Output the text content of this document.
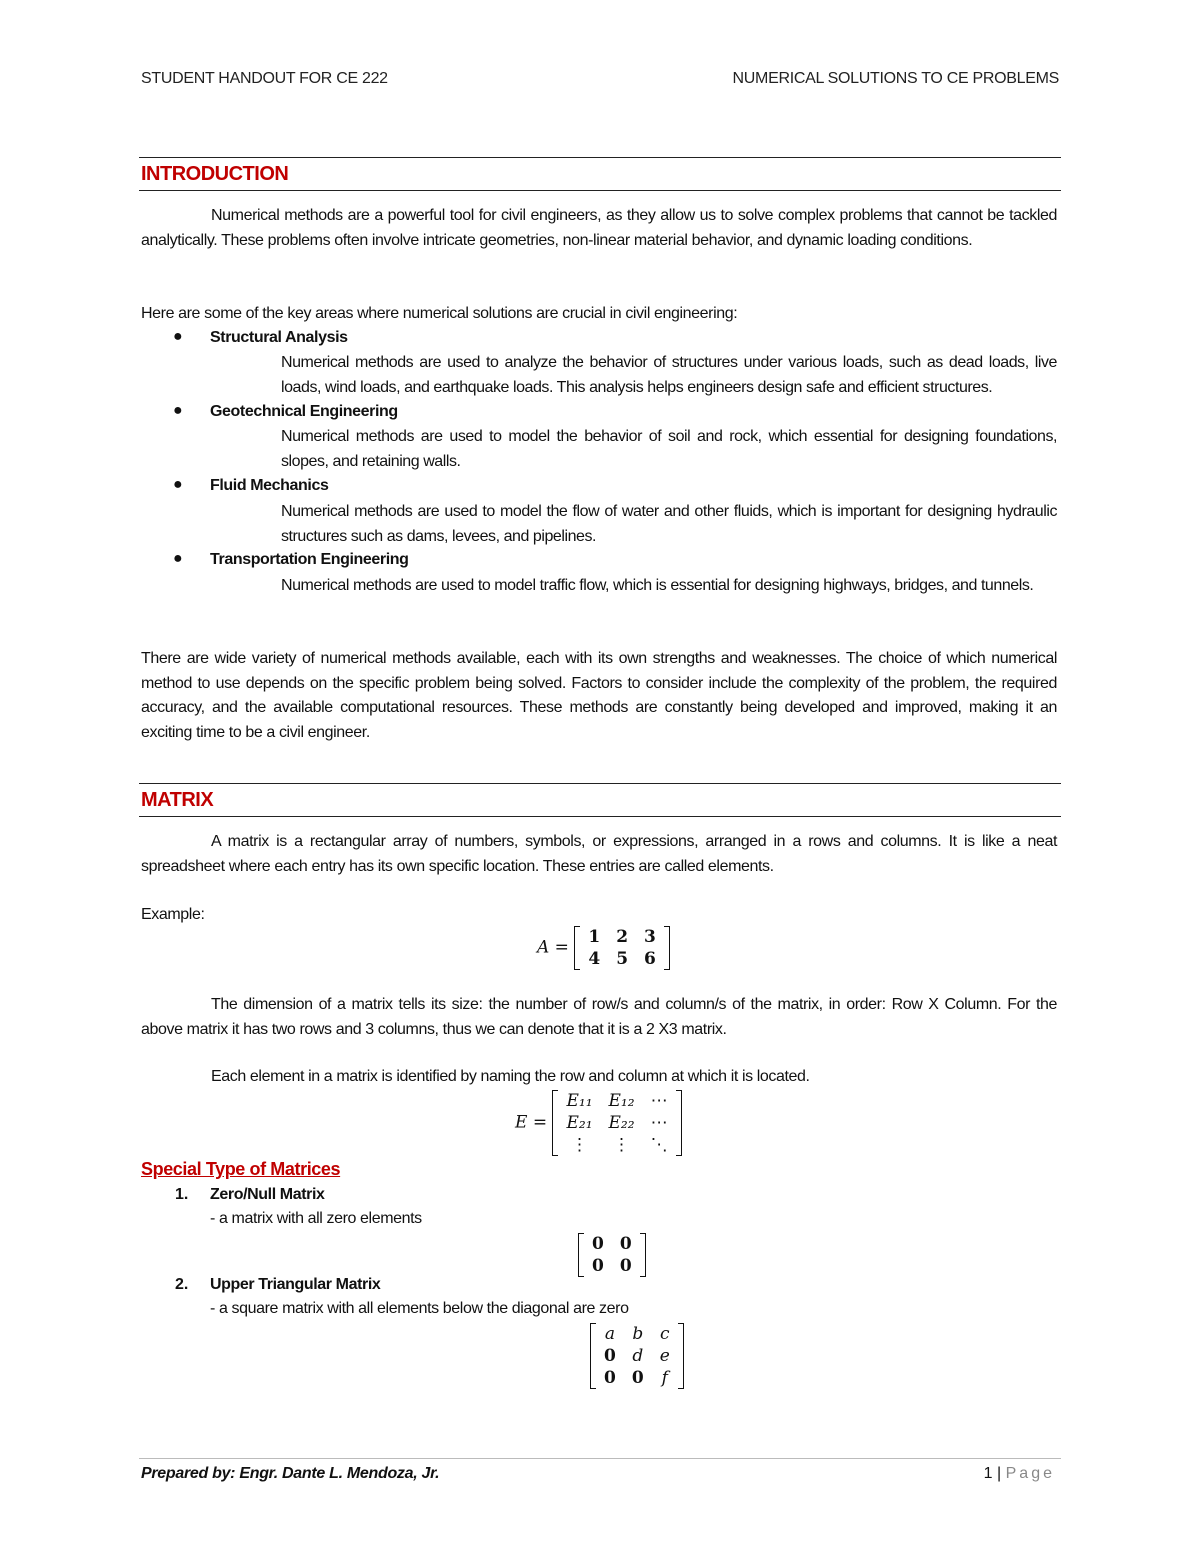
STUDENT HANDOUT FOR CE 222	NUMERICAL SOLUTIONS TO CE PROBLEMS
INTRODUCTION

Numerical methods are a powerful tool for civil engineers, as they allow us to solve complex problems that cannot be tackled analytically. These problems often involve intricate geometries, non-linear material behavior, and dynamic loading conditions.

Here are some of the key areas where numerical solutions are crucial in civil engineering:
● Structural Analysis

Numerical methods are used to analyze the behavior of structures under various loads, such as dead loads, live loads, wind loads, and earthquake loads. This analysis helps engineers design safe and efficient structures.

● Geotechnical Engineering

Numerical methods are used to model the behavior of soil and rock, which essential for designing foundations, slopes, and retaining walls.

● Fluid Mechanics

Numerical methods are used to model the flow of water and other fluids, which is important for designing hydraulic structures such as dams, levees, and pipelines.

● Transportation Engineering

Numerical methods are used to model traffic flow, which is essential for designing highways, bridges, and tunnels.

There are wide variety of numerical methods available, each with its own strengths and weaknesses. The choice of which numerical method to use depends on the specific problem being solved. Factors to consider include the complexity of the problem, the required accuracy, and the available computational resources. These methods are constantly being developed and improved, making it an exciting time to be a civil engineer.

MATRIX

A matrix is a rectangular array of numbers, symbols, or expressions, arranged in a rows and columns. It is like a neat spreadsheet where each entry has its own specific location. These entries are called elements.

Example:
A =
1	2	3
4	5	6

The dimension of a matrix tells its size: the number of row/s and column/s of the matrix, in order: Row X Column. For the above matrix it has two rows and 3 columns, thus we can denote that it is a 2 X3 matrix.

Each element in a matrix is identified by naming the row and column at which it is located.
E =
E₁₁	E₁₂	⋯
E₂₁	E₂₂	⋯
⋮	⋮	⋱
Special Type of Matrices
1. Zero/Null Matrix
- a matrix with all zero elements
0	0
0	0
2. Upper Triangular Matrix
- a square matrix with all elements below the diagonal are zero
a	b	c
0	d	e
0	0	f
Prepared by: Engr. Dante L. Mendoza, Jr.	1 | Page
